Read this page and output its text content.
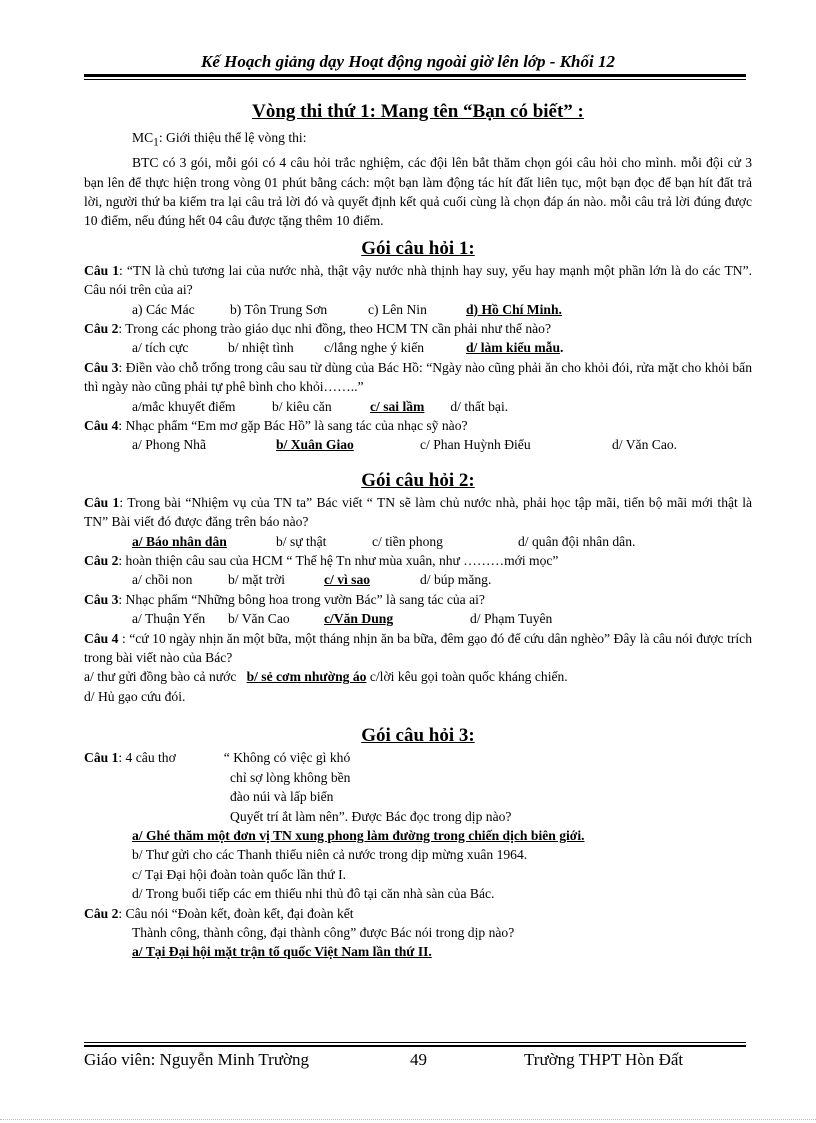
Kế Hoạch giảng dạy Hoạt động ngoài giờ lên lớp - Khối 12

Vòng thi thứ 1: Mang tên “Bạn có biết” :

$MC_1$: Giới thiệu thể lệ vòng thi:

BTC có 3 gói, mỗi gói có 4 câu hỏi trắc nghiệm, các đội lên bắt thăm chọn gói câu hỏi cho mình. mỗi đội cử 3 bạn lên để thực hiện trong vòng 01 phút bằng cách: một bạn làm động tác hít đất liên tục, một bạn đọc để bạn hít đất trả lời, người thứ ba kiểm tra lại câu trả lời đó và quyết định kết quả cuối cùng là chọn đáp án nào. mỗi câu trả lời đúng được 10 điểm, nếu đúng hết 04 câu được tặng thêm 10 điểm.

Gói câu hỏi 1:

Câu 1: “TN là chủ tương lai của nước nhà, thật vậy nước nhà thịnh hay suy, yếu hay mạnh một phần lớn là do các TN”. Câu nói trên của ai?

a) Các Mác	b) Tôn Trung Sơn	c) Lên Nin	d) Hồ Chí Minh.

Câu 2: Trong các phong trào giáo dục nhi đồng, theo HCM TN cần phải như thế nào?

a/ tích cực	b/ nhiệt tình c/lắng nghe ý kiến	d/ làm kiểu mẫu.

Câu 3: Điền vào chỗ trống trong câu sau từ dùng của Bác Hồ: “Ngày nào cũng phải ăn cho khỏi đói, rửa mặt cho khỏi bẩn thì ngày nào cũng phải tự phê bình cho khỏi……..”

a/mắc khuyết điểm	b/ kiêu căn	c/ sai lầm d/ thất bại.

Câu 4: Nhạc phẩm “Em mơ gặp Bác Hồ” là sang tác của nhạc sỹ nào?

a/ Phong Nhã	b/ Xuân Giao	c/ Phan Huỳnh Điểu	d/ Văn Cao.

Gói câu hỏi 2:

Câu 1: Trong bài “Nhiệm vụ của TN ta” Bác viết “ TN sẽ làm chủ nước nhà, phải học tập mãi, tiến bộ mãi mới thật là TN” Bài viết đó được đăng trên báo nào?

a/ Báo nhân dân	b/ sự thật	c/ tiền phong	d/ quân đội nhân dân.

Câu 2: hoàn thiện câu sau của HCM “ Thế hệ Tn như mùa xuân, như ………mới mọc”

a/ chồi non	b/ mặt trời	c/ vì sao	d/ búp măng.

Câu 3: Nhạc phẩm “Những bông hoa trong vườn Bác” là sang tác của ai?

a/ Thuận Yến b/ Văn Cao	c/Văn Dung	d/ Phạm Tuyên

Câu 4 : “cứ 10 ngày nhịn ăn một bữa, một tháng nhịn ăn ba bữa, đêm gạo đó để cứu dân nghèo” Đây là câu nói được trích trong bài viết nào của Bác?

a/ thư gửi đồng bào cả nước b/ sẻ cơm nhường áo c/lời kêu gọi toàn quốc kháng chiến.

d/ Hủ gạo cứu đói.

Gói câu hỏi 3:

Câu 1: 4 câu thơ	“ Không có việc gì khó

chỉ sợ lòng không bền

đào núi và lấp biển

Quyết trí ắt làm nên”. Được Bác đọc trong dịp nào?

a/ Ghé thăm một đơn vị TN xung phong làm đường trong chiến dịch biên giới.

b/ Thư gửi cho các Thanh thiếu niên cả nước trong dịp mừng xuân 1964.

c/ Tại Đại hội đoàn toàn quốc lần thứ I.

d/ Trong buổi tiếp các em thiếu nhi thủ đô tại căn nhà sàn của Bác.

Câu 2: Câu nói “Đoàn kết, đoàn kết, đại đoàn kết

Thành công, thành công, đại thành công” được Bác nói trong dịp nào?

a/ Tại Đại hội mặt trận tổ quốc Việt Nam lần thứ II.

Giáo viên: Nguyễn Minh Trường	49	Trường THPT Hòn Đất
